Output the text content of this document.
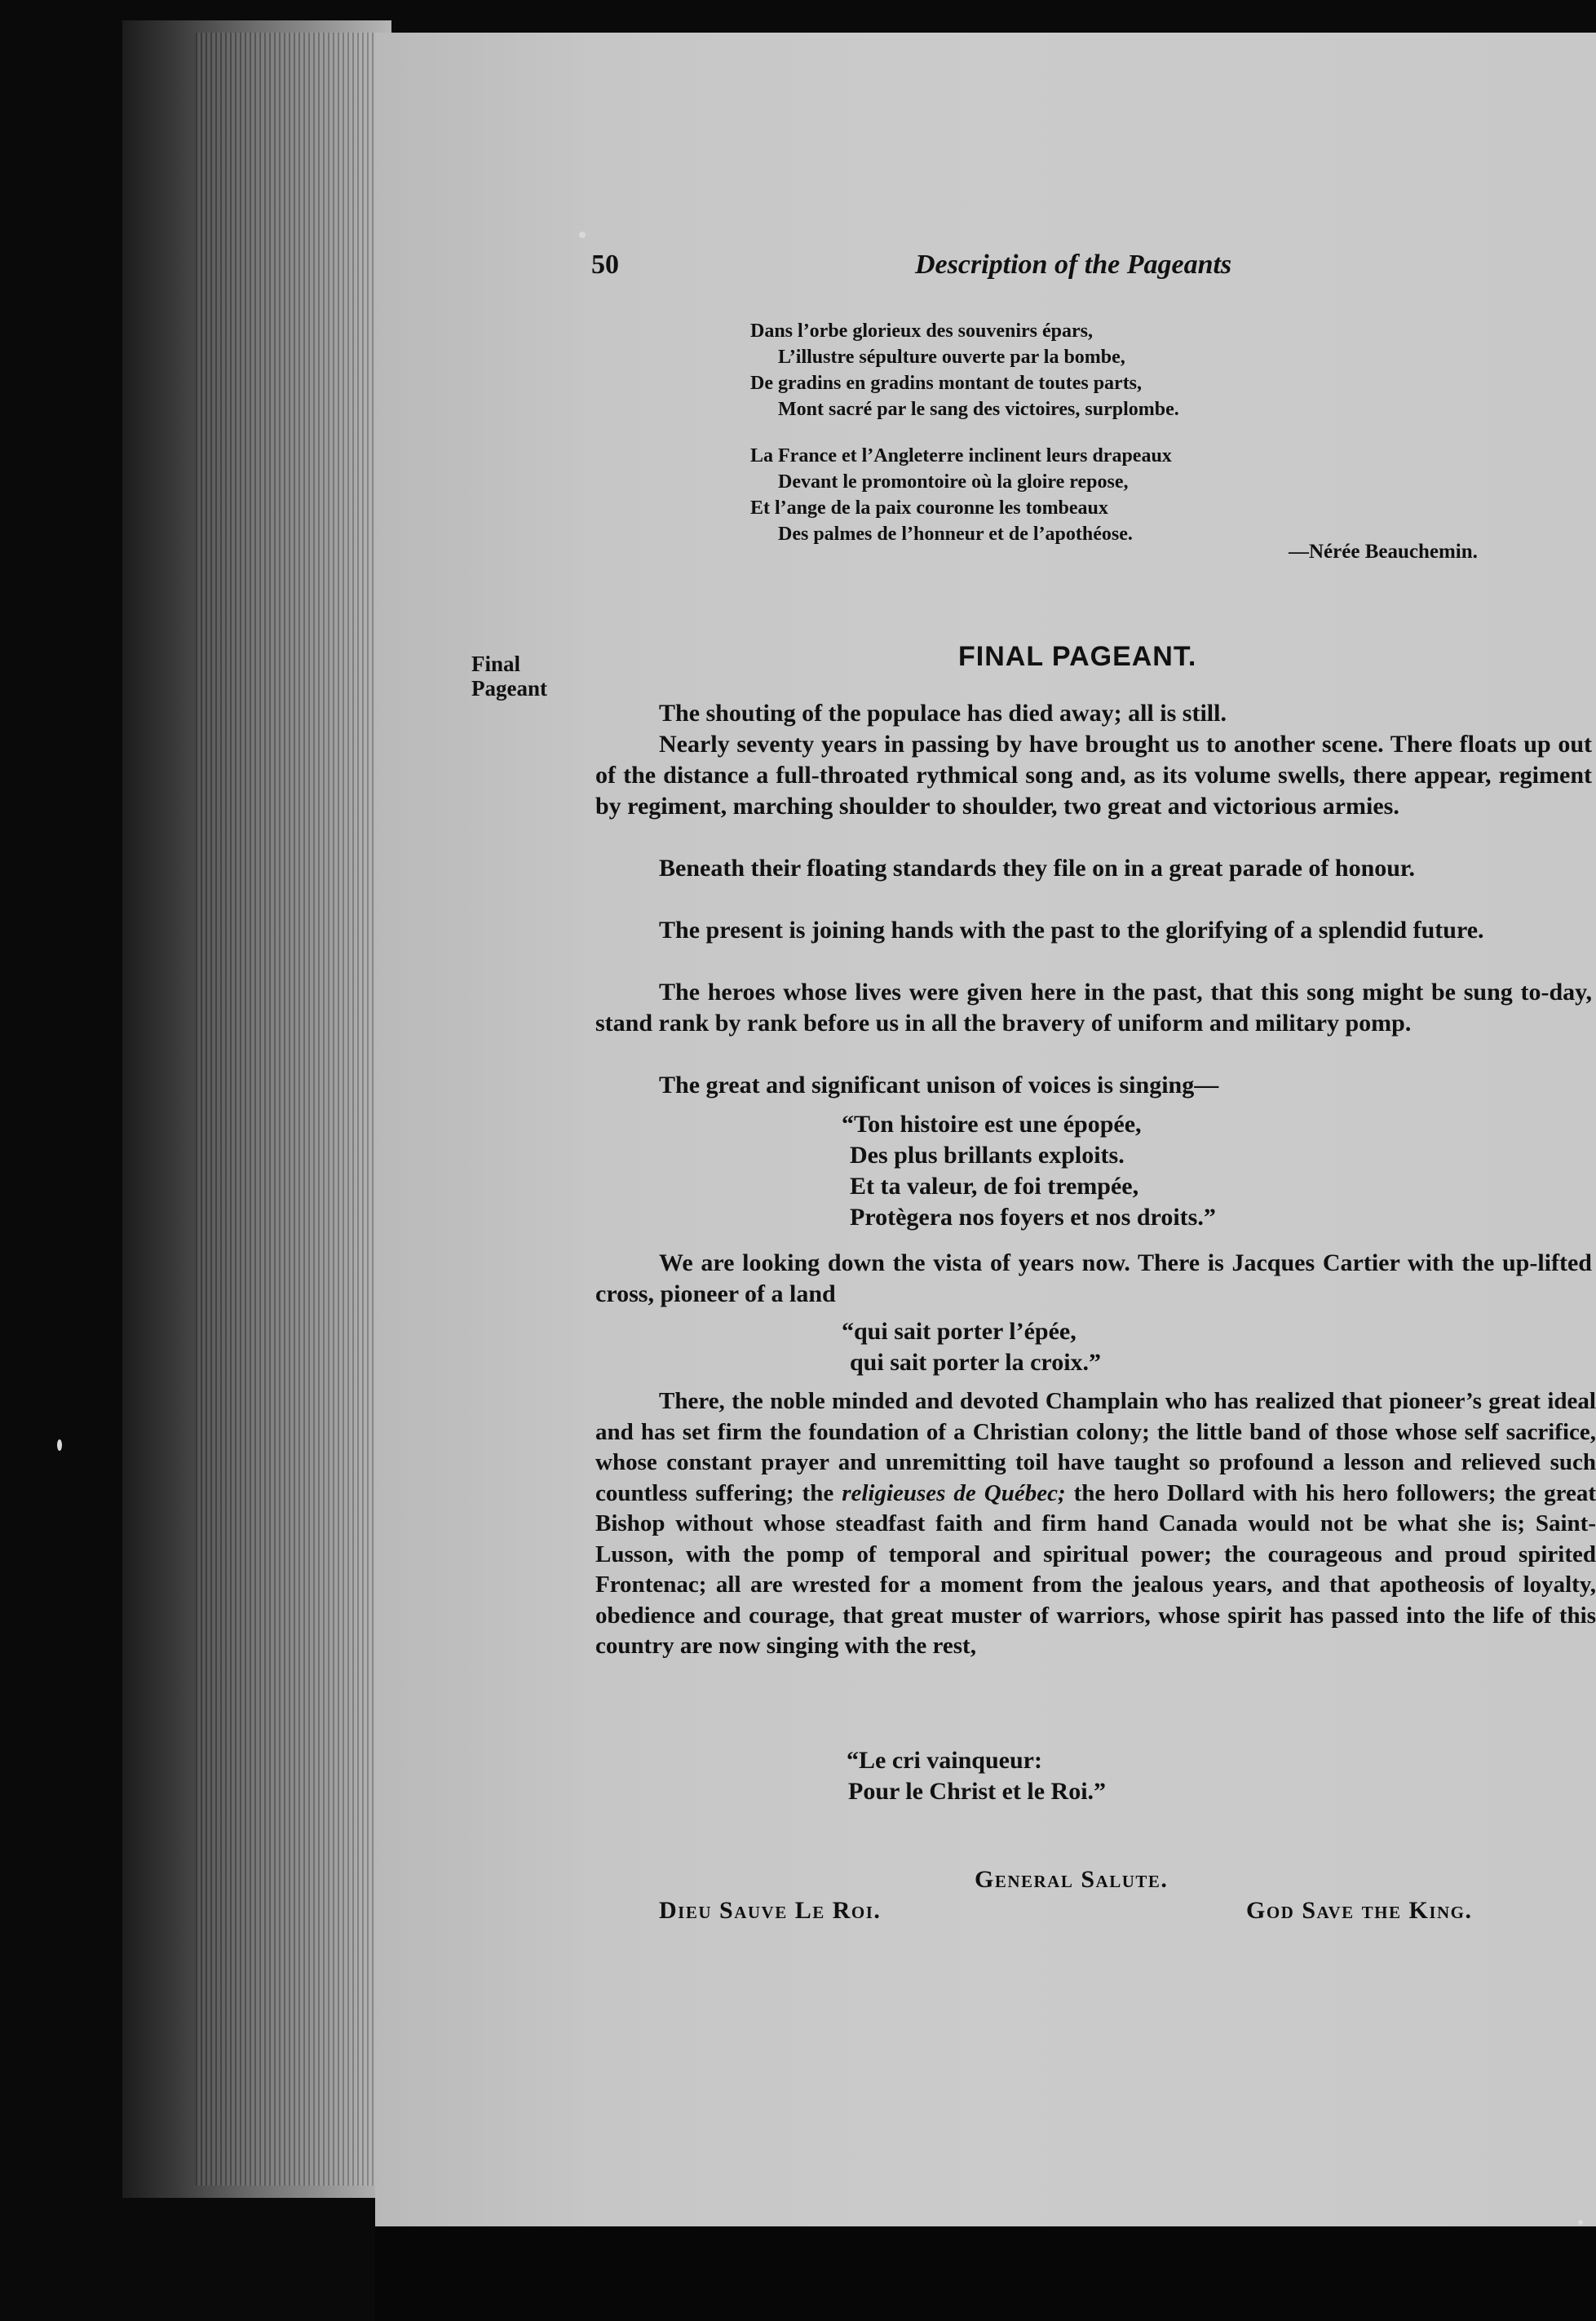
50	Description of the Pageants
Dans l’orbe glorieux des souvenirs épars,
L’illustre sépulture ouverte par la bombe,
De gradins en gradins montant de toutes parts,
Mont sacré par le sang des victoires, surplombe.
La France et l’Angleterre inclinent leurs drapeaux
Devant le promontoire où la gloire repose,
Et l’ange de la paix couronne les tombeaux
Des palmes de l’honneur et de l’apothéose.
—Nérée Beauchemin.
Final Pageant
FINAL PAGEANT.
The shouting of the populace has died away; all is still.
Nearly seventy years in passing by have brought us to another scene. There floats up out of the distance a full-throated rythmical song and, as its volume swells, there appear, regiment by regiment, marching shoulder to shoulder, two great and victorious armies.
Beneath their floating standards they file on in a great parade of honour.
The present is joining hands with the past to the glorifying of a splendid future.
The heroes whose lives were given here in the past, that this song might be sung to-day, stand rank by rank before us in all the bravery of uniform and military pomp.
The great and significant unison of voices is singing—
“Ton histoire est une épopée,
Des plus brillants exploits.
Et ta valeur, de foi trempée,
Protègera nos foyers et nos droits.”
We are looking down the vista of years now. There is Jacques Cartier with the up-lifted cross, pioneer of a land
“qui sait porter l’épée,
qui sait porter la croix.”
There, the noble minded and devoted Champlain who has realized that pioneer’s great ideal and has set firm the foundation of a Christian colony; the little band of those whose self sacrifice, whose constant prayer and unremitting toil have taught so profound a lesson and relieved such countless suffering; the religieuses de Québec; the hero Dollard with his hero followers; the great Bishop without whose steadfast faith and firm hand Canada would not be what she is; Saint-Lusson, with the pomp of temporal and spiritual power; the courageous and proud spirited Frontenac; all are wrested for a moment from the jealous years, and that apotheosis of loyalty, obedience and courage, that great muster of warriors, whose spirit has passed into the life of this country are now singing with the rest,
“Le cri vainqueur:
Pour le Christ et le Roi.”
General Salute.
Dieu Sauve Le Roi.	God Save the King.
